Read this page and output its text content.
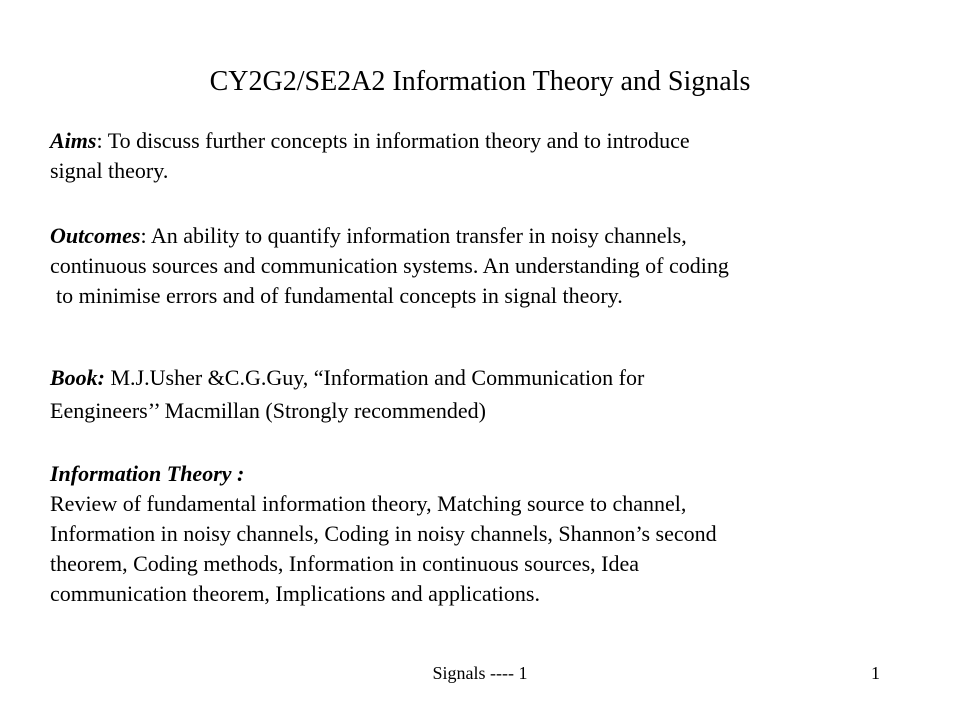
CY2G2/SE2A2 Information Theory and Signals

Aims: To discuss further concepts in information theory and to introduce
signal theory.

Outcomes: An ability to quantify information transfer in noisy channels,
continuous sources and communication systems. An understanding of coding
to minimise errors and of fundamental concepts in signal theory.

Book: M.J.Usher &C.G.Guy, “Information and Communication for
Eengineers’’ Macmillan (Strongly recommended)

Information Theory :
Review of fundamental information theory, Matching source to channel,
Information in noisy channels, Coding in noisy channels, Shannon’s second
theorem, Coding methods, Information in continuous sources, Idea
communication theorem, Implications and applications.

Signals ---- 1	1
